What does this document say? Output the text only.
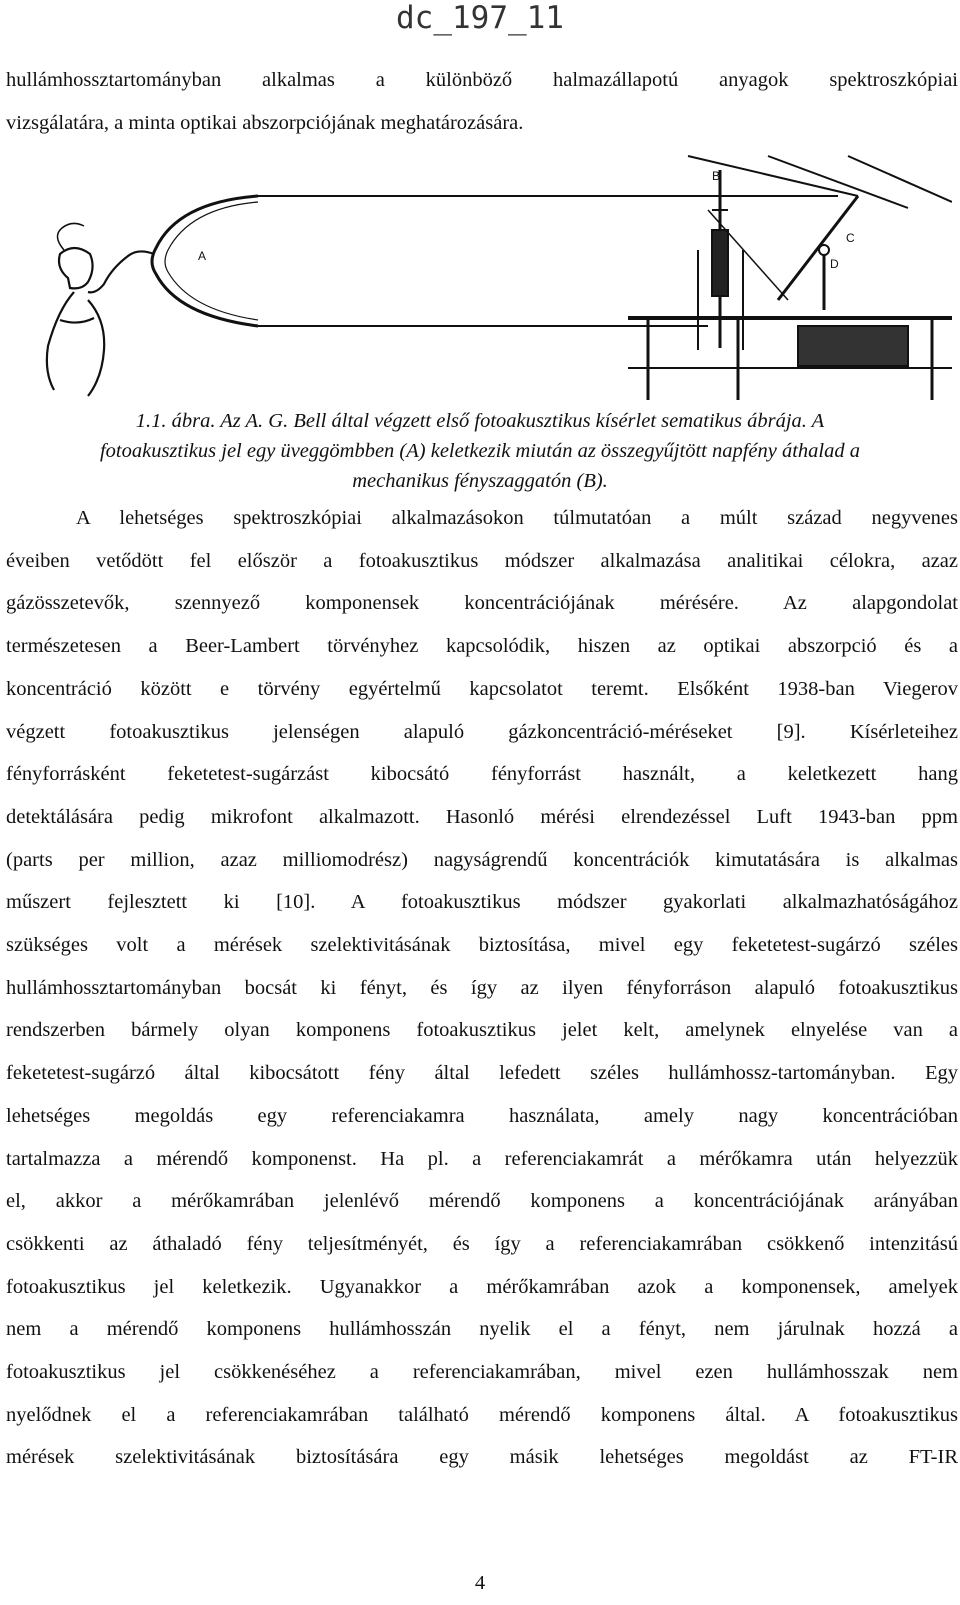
dc_197_11
hullámhossztartományban alkalmas a különböző halmazállapotú anyagok spektroszkópiai
vizsgálatára, a minta optikai abszorpciójának meghatározására.
A
B
C
D
1.1. ábra. Az A. G. Bell által végzett első fotoakusztikus kísérlet sematikus ábrája. A
fotoakusztikus jel egy üveggömbben (A) keletkezik miután az összegyűjtött napfény áthalad a
mechanikus fényszaggatón (B).
A lehetséges spektroszkópiai alkalmazásokon túlmutatóan a múlt század negyvenes
éveiben vetődött fel először a fotoakusztikus módszer alkalmazása analitikai célokra, azaz
gázösszetevők, szennyező komponensek koncentrációjának mérésére. Az alapgondolat
természetesen a Beer-Lambert törvényhez kapcsolódik, hiszen az optikai abszorpció és a
koncentráció között e törvény egyértelmű kapcsolatot teremt. Elsőként 1938-ban Viegerov
végzett fotoakusztikus jelenségen alapuló gázkoncentráció-méréseket [9]. Kísérleteihez
fényforrásként feketetest-sugárzást kibocsátó fényforrást használt, a keletkezett hang
detektálására pedig mikrofont alkalmazott. Hasonló mérési elrendezéssel Luft 1943-ban ppm
(parts per million, azaz milliomodrész) nagyságrendű koncentrációk kimutatására is alkalmas
műszert fejlesztett ki [10]. A fotoakusztikus módszer gyakorlati alkalmazhatóságához
szükséges volt a mérések szelektivitásának biztosítása, mivel egy feketetest-sugárzó széles
hullámhossztartományban bocsát ki fényt, és így az ilyen fényforráson alapuló fotoakusztikus
rendszerben bármely olyan komponens fotoakusztikus jelet kelt, amelynek elnyelése van a
feketetest-sugárzó által kibocsátott fény által lefedett széles hullámhossz-tartományban. Egy
lehetséges megoldás egy referenciakamra használata, amely nagy koncentrációban
tartalmazza a mérendő komponenst. Ha pl. a referenciakamrát a mérőkamra után helyezzük
el, akkor a mérőkamrában jelenlévő mérendő komponens a koncentrációjának arányában
csökkenti az áthaladó fény teljesítményét, és így a referenciakamrában csökkenő intenzitású
fotoakusztikus jel keletkezik. Ugyanakkor a mérőkamrában azok a komponensek, amelyek
nem a mérendő komponens hullámhosszán nyelik el a fényt, nem járulnak hozzá a
fotoakusztikus jel csökkenéséhez a referenciakamrában, mivel ezen hullámhosszak nem
nyelődnek el a referenciakamrában található mérendő komponens által. A fotoakusztikus
mérések szelektivitásának biztosítására egy másik lehetséges megoldást az FT-IR
4
